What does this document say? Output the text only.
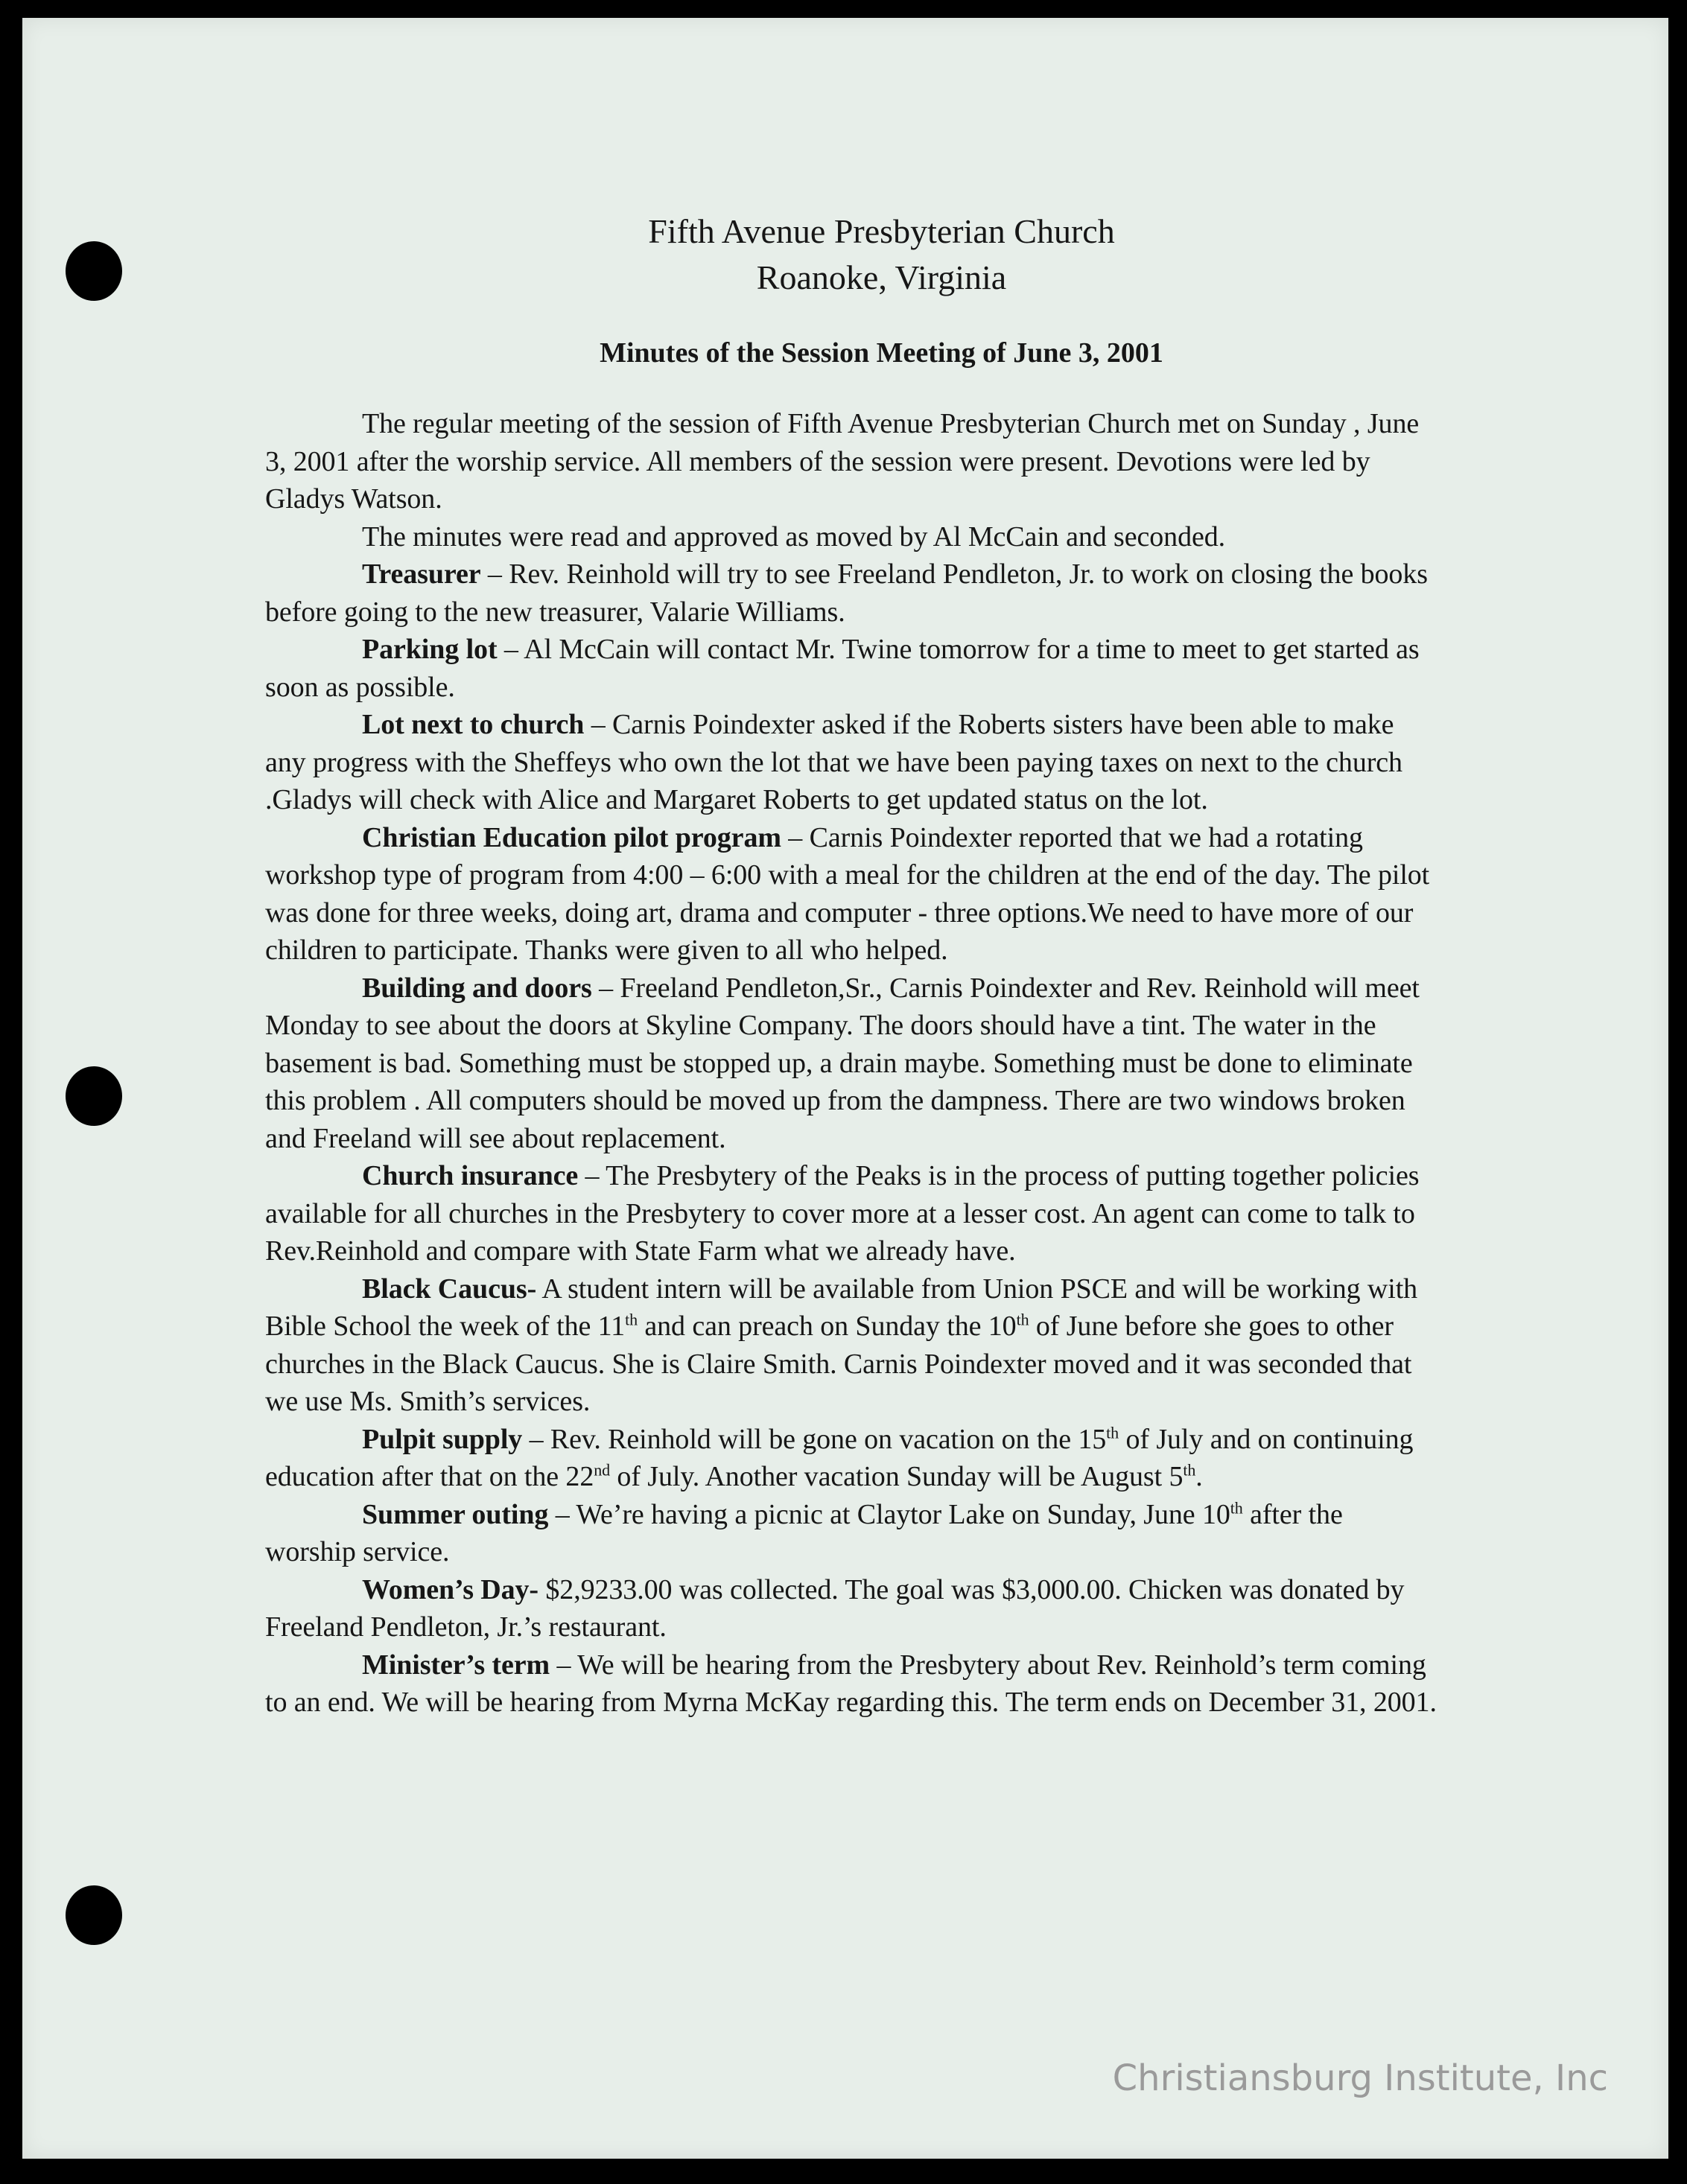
Fifth Avenue Presbyterian Church
Roanoke, Virginia
Minutes of the Session Meeting of June 3, 2001

The regular meeting of the session of Fifth Avenue Presbyterian Church met on Sunday , June 3, 2001 after the worship service. All members of the session were present. Devotions were led by Gladys Watson.

The minutes were read and approved as moved by Al McCain and seconded.

Treasurer – Rev. Reinhold will try to see Freeland Pendleton, Jr. to work on closing the books before going to the new treasurer, Valarie Williams.

Parking lot – Al McCain will contact Mr. Twine tomorrow for a time to meet to get started as soon as possible.

Lot next to church – Carnis Poindexter asked if the Roberts sisters have been able to make any progress with the Sheffeys who own the lot that we have been paying taxes on next to the church .Gladys will check with Alice and Margaret Roberts to get updated status on the lot.

Christian Education pilot program – Carnis Poindexter reported that we had a rotating workshop type of program from 4:00 – 6:00 with a meal for the children at the end of the day. The pilot was done for three weeks, doing art, drama and computer - three options.We need to have more of our children to participate. Thanks were given to all who helped.

Building and doors – Freeland Pendleton,Sr., Carnis Poindexter and Rev. Reinhold will meet Monday to see about the doors at Skyline Company. The doors should have a tint. The water in the basement is bad. Something must be stopped up, a drain maybe. Something must be done to eliminate this problem . All computers should be moved up from the dampness. There are two windows broken and Freeland will see about replacement.

Church insurance – The Presbytery of the Peaks is in the process of putting together policies available for all churches in the Presbytery to cover more at a lesser cost. An agent can come to talk to Rev.Reinhold and compare with State Farm what we already have.

Black Caucus- A student intern will be available from Union PSCE and will be working with Bible School the week of the 11th and can preach on Sunday the 10th of June before she goes to other churches in the Black Caucus. She is Claire Smith. Carnis Poindexter moved and it was seconded that we use Ms. Smith’s services.

Pulpit supply – Rev. Reinhold will be gone on vacation on the 15th of July and on continuing education after that on the 22nd of July. Another vacation Sunday will be August 5th.

Summer outing – We’re having a picnic at Claytor Lake on Sunday, June 10th after the worship service.

Women’s Day- $2,9233.00 was collected. The goal was $3,000.00. Chicken was donated by Freeland Pendleton, Jr.’s restaurant.

Minister’s term – We will be hearing from the Presbytery about Rev. Reinhold’s term coming to an end. We will be hearing from Myrna McKay regarding this. The term ends on December 31, 2001.

Christiansburg Institute, Inc
